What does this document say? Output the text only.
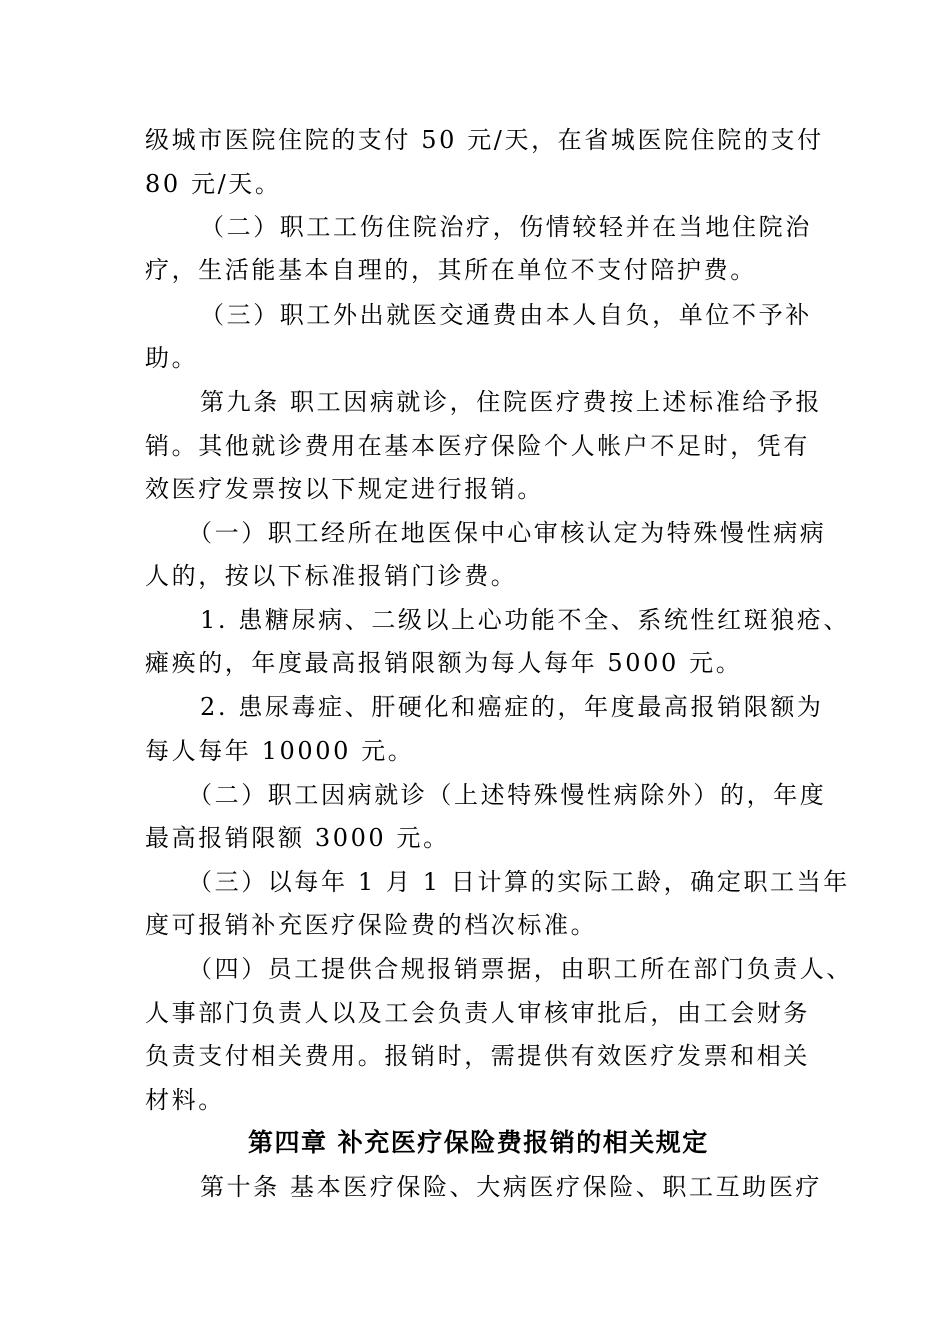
级城市医院住院的支付 50 元/天，在省城医院住院的支付
80 元/天。
（二）职工工伤住院治疗，伤情较轻并在当地住院治
疗，生活能基本自理的，其所在单位不支付陪护费。
（三）职工外出就医交通费由本人自负，单位不予补
助。
第九条 职工因病就诊，住院医疗费按上述标准给予报
销。其他就诊费用在基本医疗保险个人帐户不足时，凭有
效医疗发票按以下规定进行报销。
（一）职工经所在地医保中心审核认定为特殊慢性病病
人的，按以下标准报销门诊费。
1. 患糖尿病、二级以上心功能不全、系统性红斑狼疮、
瘫痪的，年度最高报销限额为每人每年 5000 元。
2. 患尿毒症、肝硬化和癌症的，年度最高报销限额为
每人每年 10000 元。
（二）职工因病就诊（上述特殊慢性病除外）的，年度
最高报销限额 3000 元。
（三）以每年 1 月 1 日计算的实际工龄，确定职工当年
度可报销补充医疗保险费的档次标准。
（四）员工提供合规报销票据，由职工所在部门负责人、
人事部门负责人以及工会负责人审核审批后，由工会财务
负责支付相关费用。报销时，需提供有效医疗发票和相关
材料。
第四章 补充医疗保险费报销的相关规定
第十条 基本医疗保险、大病医疗保险、职工互助医疗
